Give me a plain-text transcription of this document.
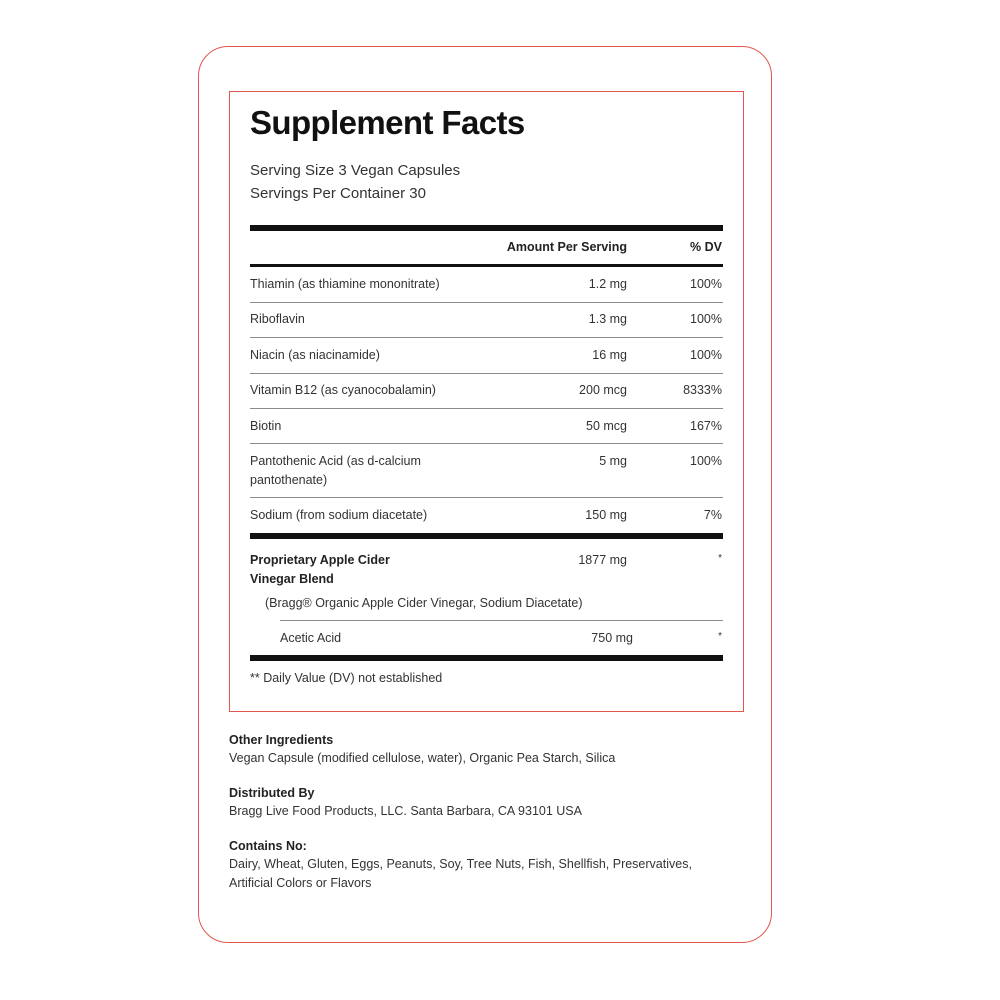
Supplement Facts
Serving Size 3 Vegan Capsules
Servings Per Container 30
Amount Per Serving	% DV
Thiamin (as thiamine mononitrate)	1.2 mg	100%
Riboflavin	1.3 mg	100%
Niacin (as niacinamide)	16 mg	100%
Vitamin B12 (as cyanocobalamin)	200 mcg	8333%
Biotin	50 mcg	167%
Pantothenic Acid (as d-calcium
pantothenate)
5 mg	100%
Sodium (from sodium diacetate)	150 mg	7%
Proprietary Apple Cider
Vinegar Blend
1877 mg	*
(Bragg® Organic Apple Cider Vinegar, Sodium Diacetate)
Acetic Acid	750 mg	*
** Daily Value (DV) not established
Other Ingredients
Vegan Capsule (modified cellulose, water), Organic Pea Starch, Silica
Distributed By
Bragg Live Food Products, LLC. Santa Barbara, CA 93101 USA
Contains No:
Dairy, Wheat, Gluten, Eggs, Peanuts, Soy, Tree Nuts, Fish, Shellfish, Preservatives,
Artificial Colors or Flavors
